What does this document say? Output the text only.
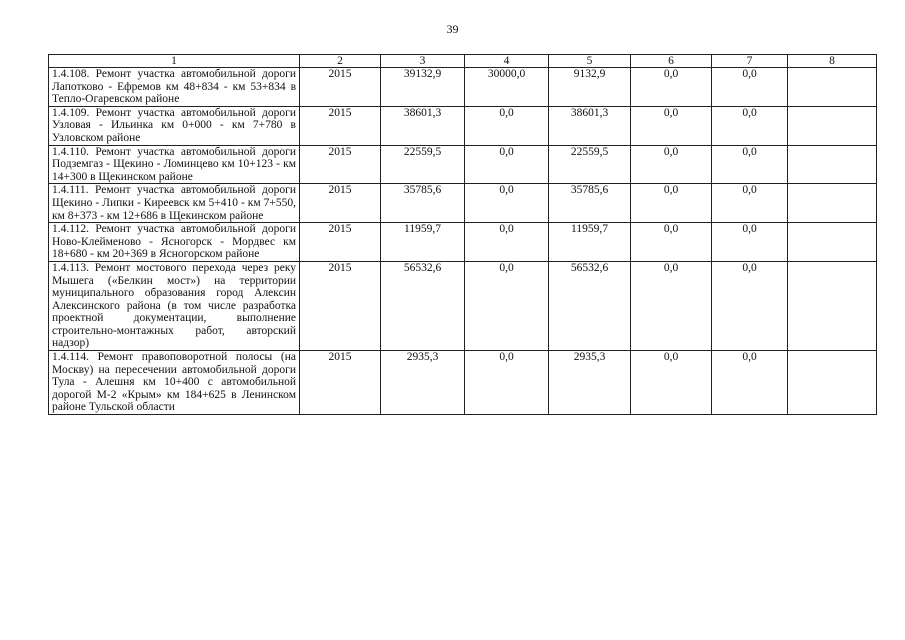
39
1	2	3	4	5	6	7	8
1.4.108. Ремонт участка автомобильной дороги Лапотково - Ефремов км 48+834 - км 53+834 в Тепло-Огаревском районе	2015	39132,9	30000,0	9132,9	0,0	0,0	
1.4.109. Ремонт участка автомобильной дороги Узловая - Ильинка км 0+000 - км 7+780 в Узловском районе	2015	38601,3	0,0	38601,3	0,0	0,0	
1.4.110. Ремонт участка автомобильной дороги Подземгаз - Щекино - Ломинцево км 10+123 - км 14+300 в Щекинском районе	2015	22559,5	0,0	22559,5	0,0	0,0	
1.4.111. Ремонт участка автомобильной дороги Щекино - Липки - Киреевск км 5+410 - км 7+550, км 8+373 - км 12+686 в Щекинском районе	2015	35785,6	0,0	35785,6	0,0	0,0	
1.4.112. Ремонт участка автомобильной дороги Ново-Клейменово - Ясногорск - Мордвес км 18+680 - км 20+369 в Ясногорском районе	2015	11959,7	0,0	11959,7	0,0	0,0	
1.4.113. Ремонт мостового перехода через реку Мышега («Белкин мост») на территории муниципального образования город Алексин Алексинского района (в том числе разработка проектной документации, выполнение строительно-монтажных работ, авторский надзор)	2015	56532,6	0,0	56532,6	0,0	0,0	
1.4.114. Ремонт правоповоротной полосы (на Москву) на пересечении автомобильной дороги Тула - Алешня км 10+400 с автомобильной дорогой М-2 «Крым» км 184+625 в Ленинском районе Тульской области	2015	2935,3	0,0	2935,3	0,0	0,0	
